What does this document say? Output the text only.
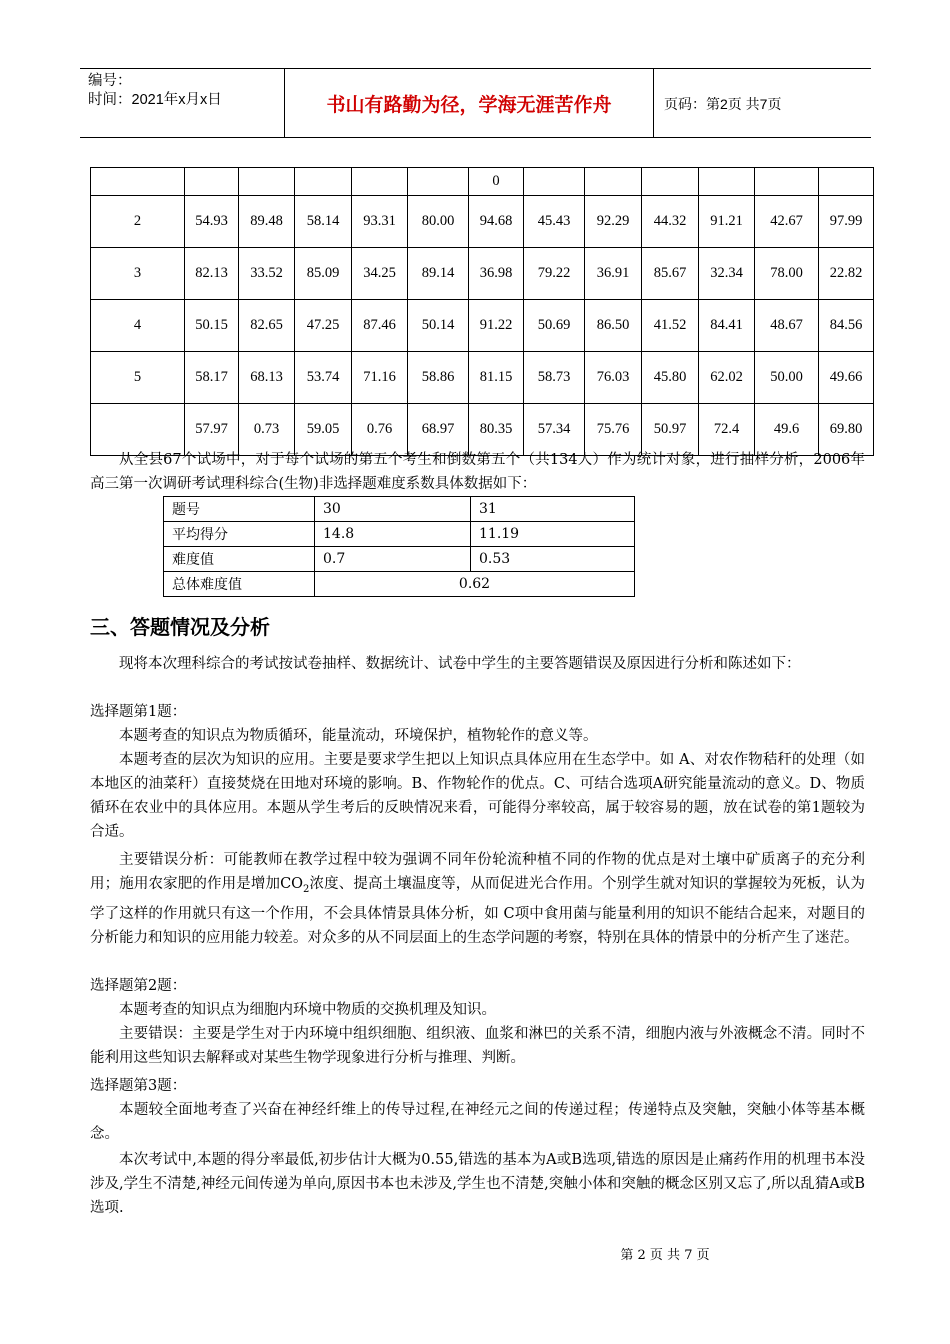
编号：
时间：2021年x月x日	书山有路勤为径，学海无涯苦作舟	页码：第2页 共7页
						0						
2	54.93	89.48	58.14	93.31	80.00	94.68	45.43	92.29	44.32	91.21	42.67	97.99
3	82.13	33.52	85.09	34.25	89.14	36.98	79.22	36.91	85.67	32.34	78.00	22.82
4	50.15	82.65	47.25	87.46	50.14	91.22	50.69	86.50	41.52	84.41	48.67	84.56
5	58.17	68.13	53.74	71.16	58.86	81.15	58.73	76.03	45.80	62.02	50.00	49.66
	57.97	0.73	59.05	0.76	68.97	80.35	57.34	75.76	50.97	72.4	49.6	69.80
从全县67个试场中，对于每个试场的第五个考生和倒数第五个（共134人）作为统计对象，进行抽样分析，2006年高三第一次调研考试理科综合(生物)非选择题难度系数具体数据如下：
题号	30	31
平均得分	14.8	11.19
难度值	0.7	0.53
总体难度值	0.62	
三、答题情况及分析
现将本次理科综合的考试按试卷抽样、数据统计、试卷中学生的主要答题错误及原因进行分析和陈述如下：
选择题第1题：
本题考查的知识点为物质循环，能量流动，环境保护，植物轮作的意义等。
本题考查的层次为知识的应用。主要是要求学生把以上知识点具体应用在生态学中。如 A、对农作物秸秆的处理（如本地区的油菜秆）直接焚烧在田地对环境的影响。B、作物轮作的优点。C、可结合选项A研究能量流动的意义。D、物质循环在农业中的具体应用。本题从学生考后的反映情况来看，可能得分率较高，属于较容易的题，放在试卷的第1题较为合适。
主要错误分析：可能教师在教学过程中较为强调不同年份轮流种植不同的作物的优点是对土壤中矿质离子的充分利用；施用农家肥的作用是增加$CO_2$浓度、提高土壤温度等，从而促进光合作用。个别学生就对知识的掌握较为死板，认为学了这样的作用就只有这一个作用，不会具体情景具体分析，如 C项中食用菌与能量利用的知识不能结合起来，对题目的分析能力和知识的应用能力较差。对众多的从不同层面上的生态学问题的考察，特别在具体的情景中的分析产生了迷茫。
选择题第2题：
本题考查的知识点为细胞内环境中物质的交换机理及知识。
主要错误：主要是学生对于内环境中组织细胞、组织液、血浆和淋巴的关系不清，细胞内液与外液概念不清。同时不能利用这些知识去解释或对某些生物学现象进行分析与推理、判断。
选择题第3题：
本题较全面地考查了兴奋在神经纤维上的传导过程,在神经元之间的传递过程；传递特点及突触，突触小体等基本概念。
本次考试中,本题的得分率最低,初步估计大概为0.55,错选的基本为A或B选项,错选的原因是止痛药作用的机理书本没涉及,学生不清楚,神经元间传递为单向,原因书本也未涉及,学生也不清楚,突触小体和突触的概念区别又忘了,所以乱猜A或B选项.
第 2 页 共 7 页
